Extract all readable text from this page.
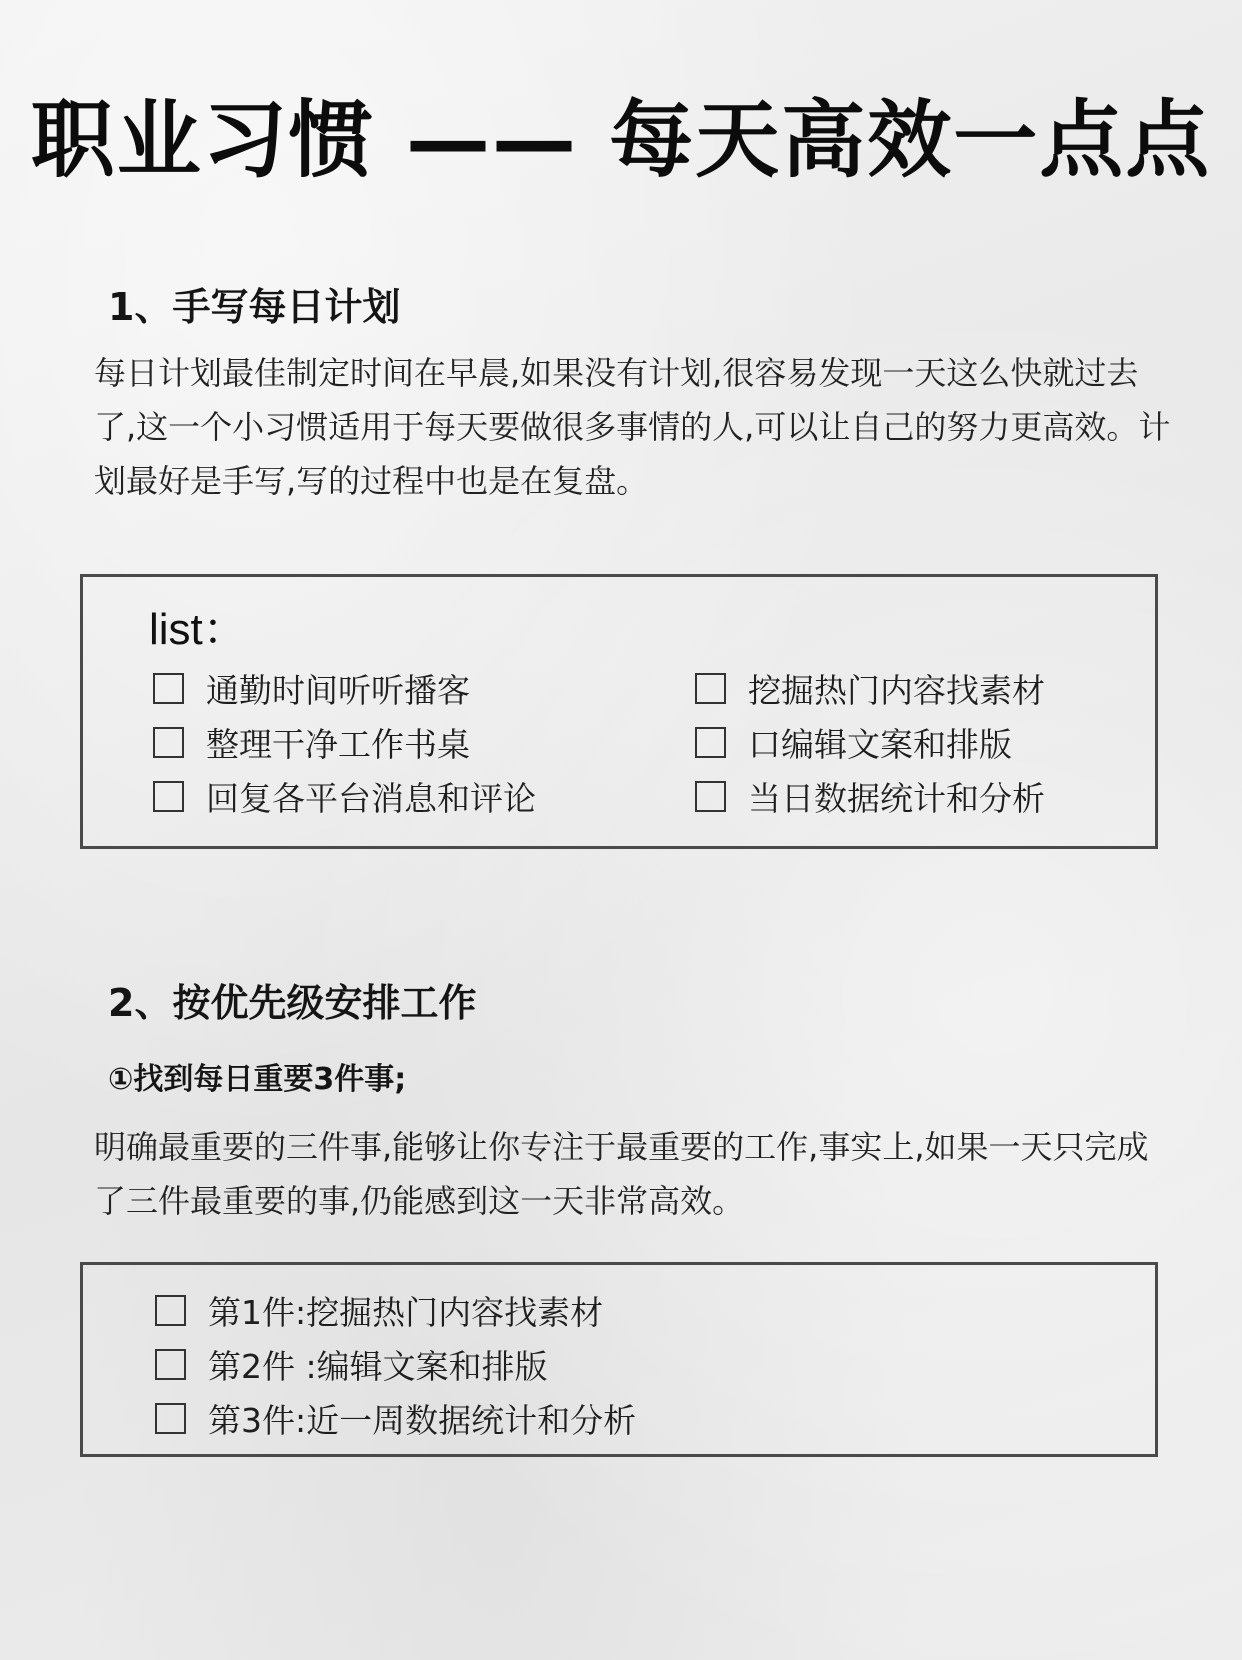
职业习惯 —— 每天高效一点点
1、手写每日计划
每日计划最佳制定时间在早晨,如果没有计划,很容易发现一天这么快就过去了,这一个小习惯适用于每天要做很多事情的人,可以让自己的努力更高效。计划最好是手写,写的过程中也是在复盘。
list：
通勤时间听听播客
整理干净工作书桌
回复各平台消息和评论
挖掘热门内容找素材
口编辑文案和排版
当日数据统计和分析
2、按优先级安排工作
①找到每日重要3件事;
明确最重要的三件事,能够让你专注于最重要的工作,事实上,如果一天只完成了三件最重要的事,仍能感到这一天非常高效。
第1件:挖掘热门内容找素材
第2件 :编辑文案和排版
第3件:近一周数据统计和分析
